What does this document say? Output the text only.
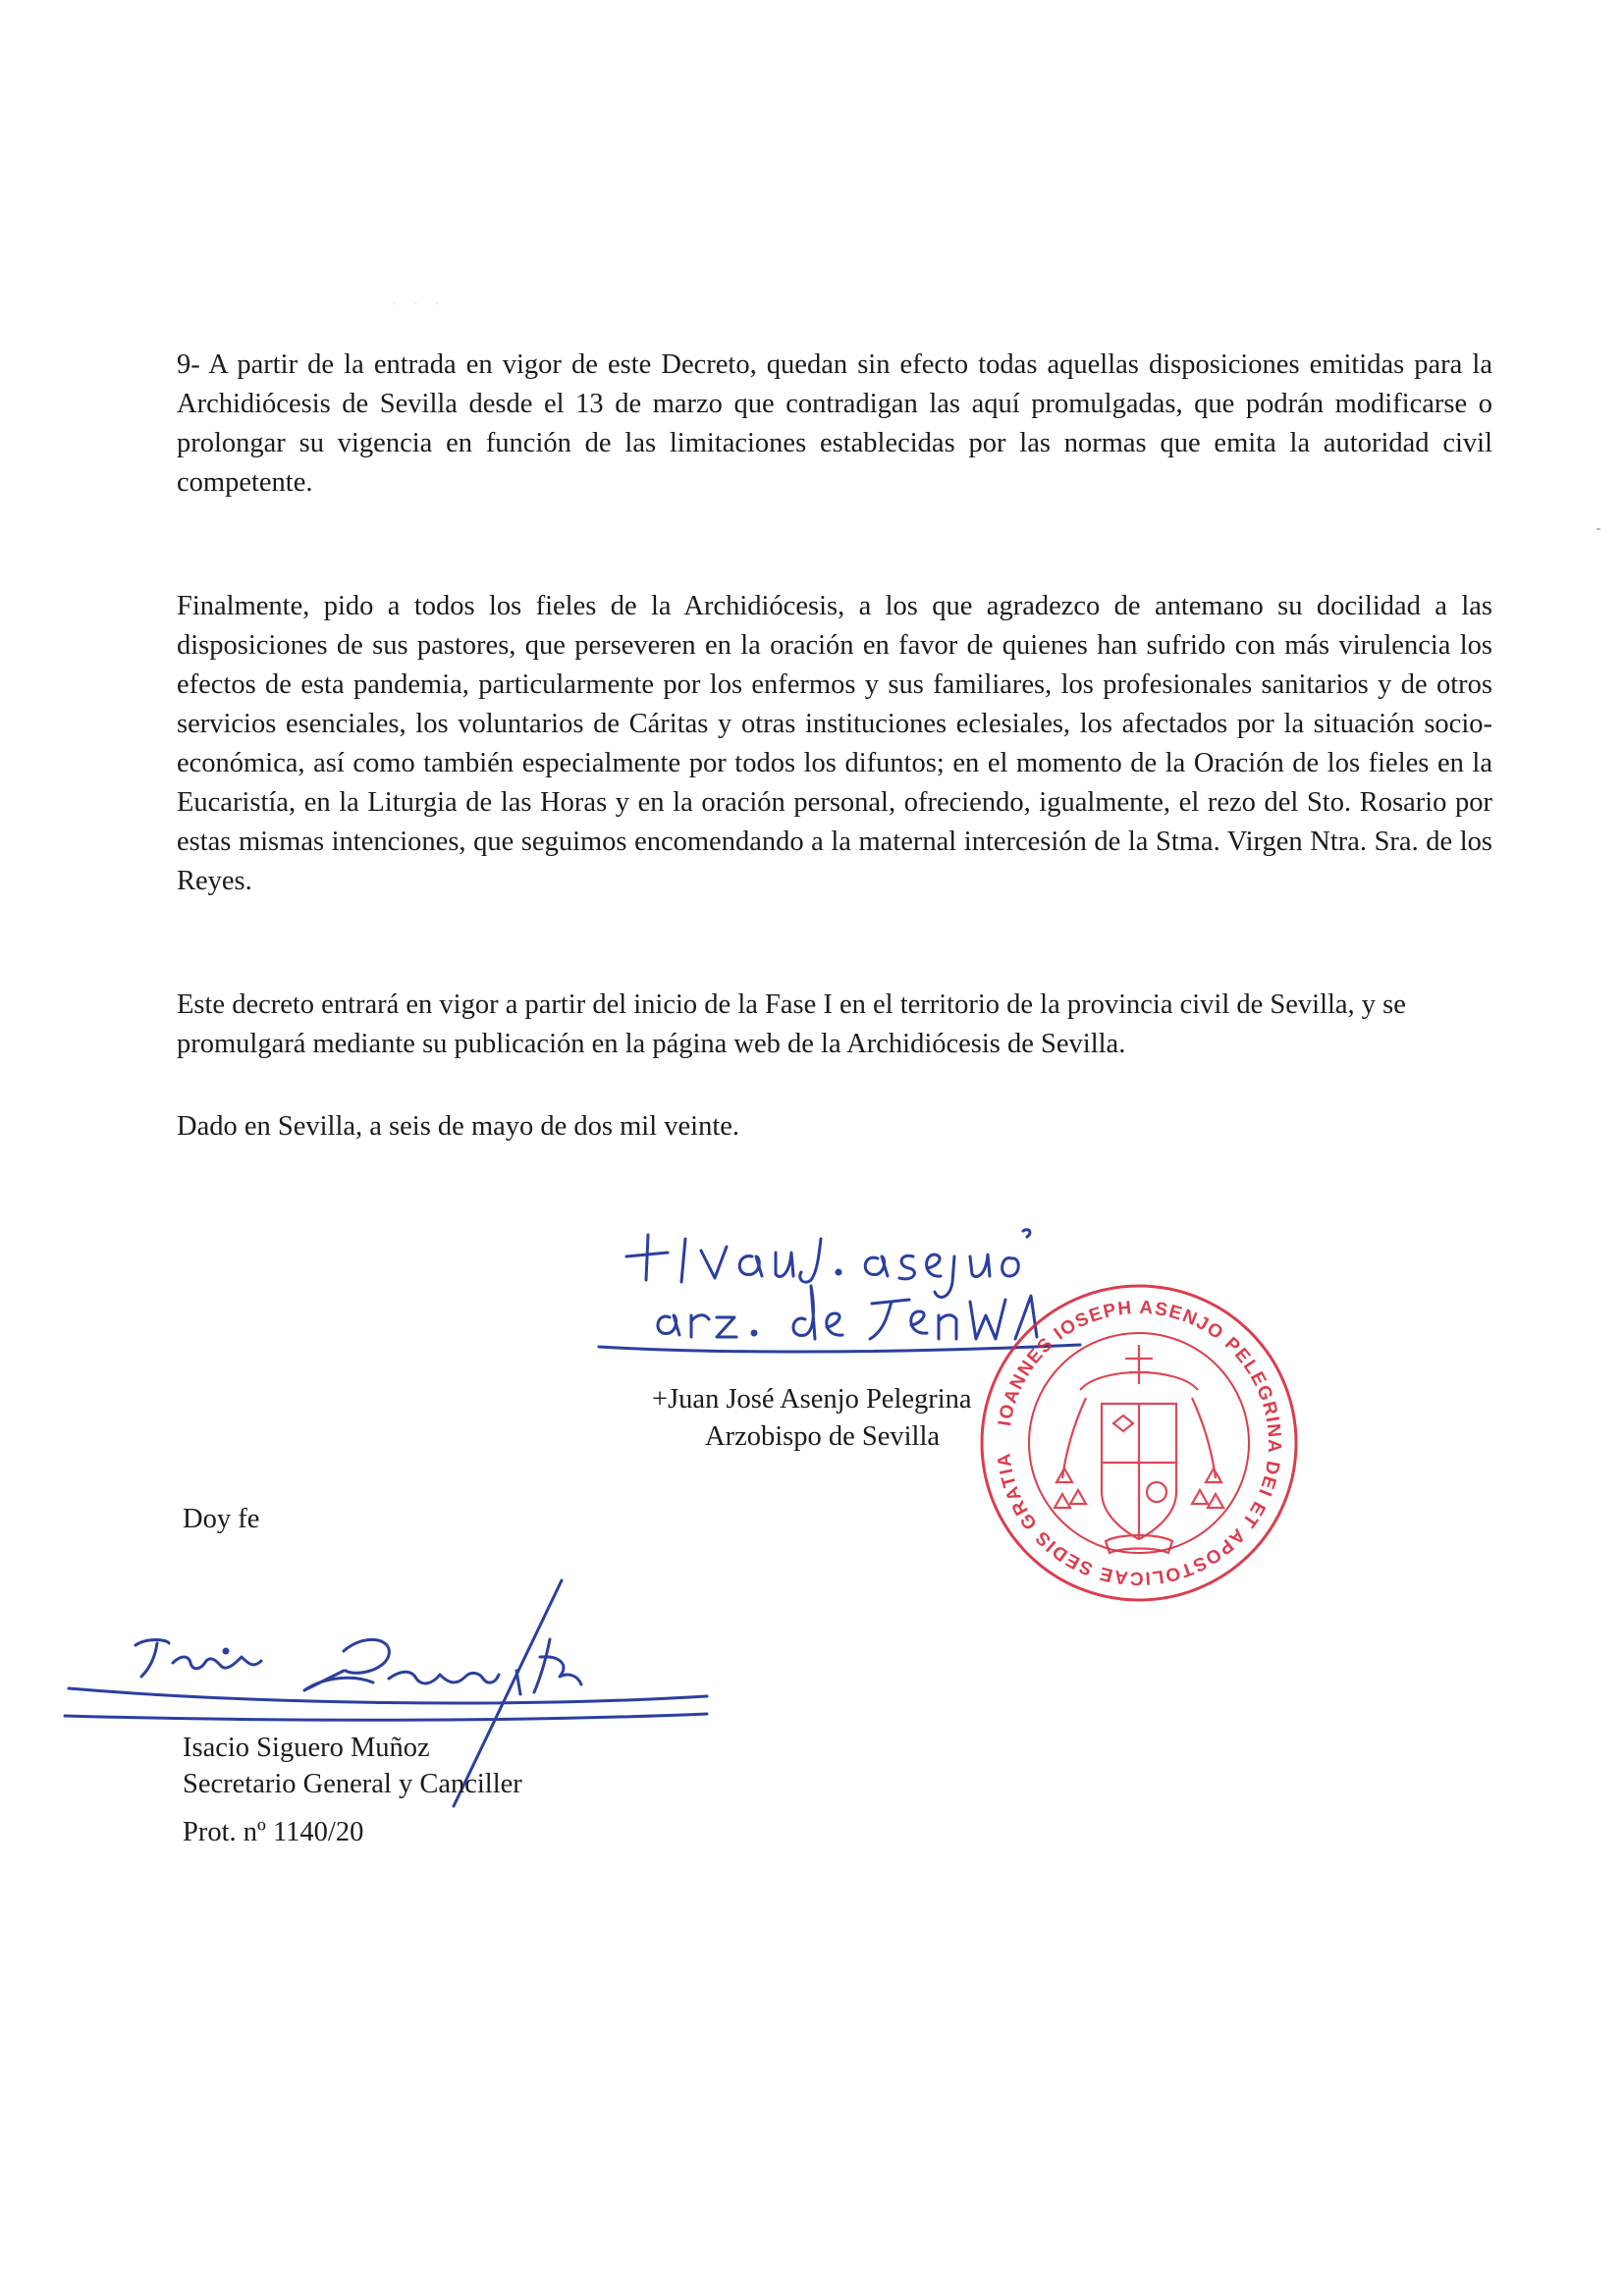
· · ·

9- A partir de la entrada en vigor de este Decreto, quedan sin efecto todas aquellas disposiciones emitidas para la Archidiócesis de Sevilla desde el 13 de marzo que contradigan las aquí promulgadas, que podrán modificarse o prolongar su vigencia en función de las limitaciones establecidas por las normas que emita la autoridad civil competente.

Finalmente, pido a todos los fieles de la Archidiócesis, a los que agradezco de antemano su docilidad a las disposiciones de sus pastores, que perseveren en la oración en favor de quienes han sufrido con más virulencia los efectos de esta pandemia, particularmente por los enfermos y sus familiares, los profesionales sanitarios y de otros servicios esenciales, los voluntarios de Cáritas y otras instituciones eclesiales, los afectados por la situación socio-económica, así como también especialmente por todos los difuntos; en el momento de la Oración de los fieles en la Eucaristía, en la Liturgia de las Horas y en la oración personal, ofreciendo, igualmente, el rezo del Sto. Rosario por estas mismas intenciones, que seguimos encomendando a la maternal intercesión de la Stma. Virgen Ntra. Sra. de los Reyes.

Este decreto entrará en vigor a partir del inicio de la Fase I en el territorio de la provincia civil de Sevilla, y se promulgará mediante su publicación en la página web de la Archidiócesis de Sevilla.

Dado en Sevilla, a seis de mayo de dos mil veinte.

+Juan José Asenjo Pelegrina
Arzobispo de Sevilla	IOANNES IOSEPH ASENJO PELEGRINA DEI ET APOSTOLICAE SEDIS GRATIA ARCHIEPISCOPUS HISPALENSIS +
Doy fe
Isacio Siguero Muñoz
Secretario General y Canciller
Prot. nº 1140/20
